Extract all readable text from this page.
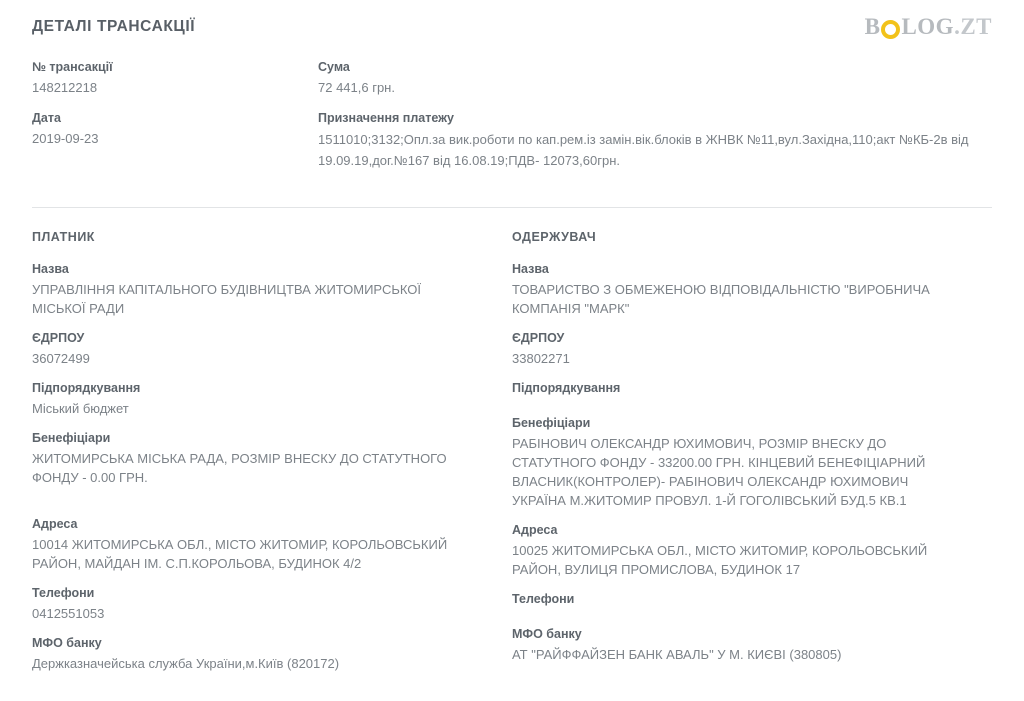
ДЕТАЛІ ТРАНСАКЦІЇ	B LOG .ZT
№ трансакції
148212218
Дата
2019-09-23
Сума
72 441,6 грн.
Призначення платежу
1511010;3132;Опл.за вик.роботи по кап.рем.із замін.вік.блоків в ЖНВК №11,вул.Західна,110;акт №КБ-2в від 19.09.19,дог.№167 від 16.08.19;ПДВ- 12073,60грн.
ПЛАТНИК
Назва
УПРАВЛІННЯ КАПІТАЛЬНОГО БУДІВНИЦТВА ЖИТОМИРСЬКОЇ МІСЬКОЇ РАДИ
ЄДРПОУ
36072499
Підпорядкування
Міський бюджет
Бенефіціари
ЖИТОМИРСЬКА МІСЬКА РАДА, РОЗМІР ВНЕСКУ ДО СТАТУТНОГО ФОНДУ - 0.00 ГРН.
Адреса
10014 ЖИТОМИРСЬКА ОБЛ., МІСТО ЖИТОМИР, КОРОЛЬОВСЬКИЙ РАЙОН, МАЙДАН ІМ. С.П.КОРОЛЬОВА, БУДИНОК 4/2
Телефони
0412551053
МФО банку
Держказначейська служба України,м.Київ (820172)
ОДЕРЖУВАЧ
Назва
ТОВАРИСТВО З ОБМЕЖЕНОЮ ВІДПОВІДАЛЬНІСТЮ "ВИРОБНИЧА КОМПАНІЯ "МАРК"
ЄДРПОУ
33802271
Підпорядкування
Бенефіціари
РАБІНОВИЧ ОЛЕКСАНДР ЮХИМОВИЧ, РОЗМІР ВНЕСКУ ДО СТАТУТНОГО ФОНДУ - 33200.00 ГРН. КІНЦЕВИЙ БЕНЕФІЦІАРНИЙ ВЛАСНИК(КОНТРОЛЕР)- РАБІНОВИЧ ОЛЕКСАНДР ЮХИМОВИЧ УКРАЇНА М.ЖИТОМИР ПРОВУЛ. 1-Й ГОГОЛІВСЬКИЙ БУД.5 КВ.1
Адреса
10025 ЖИТОМИРСЬКА ОБЛ., МІСТО ЖИТОМИР, КОРОЛЬОВСЬКИЙ РАЙОН, ВУЛИЦЯ ПРОМИСЛОВА, БУДИНОК 17
Телефони
МФО банку
АТ "РАЙФФАЙЗЕН БАНК АВАЛЬ" У М. КИЄВІ (380805)
